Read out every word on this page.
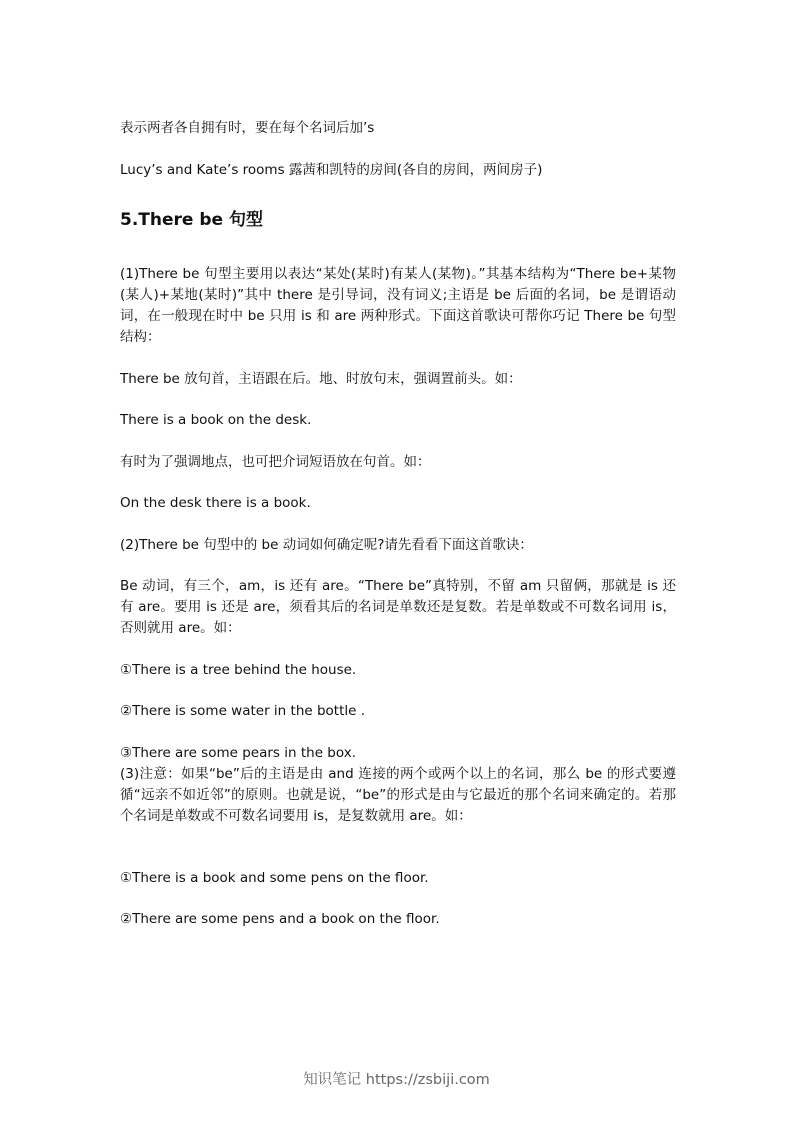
表示两者各自拥有时，要在每个名词后加’s

Lucy’s and Kate’s rooms 露茜和凯特的房间(各自的房间，两间房子)

5.There be 句型

(1)There be 句型主要用以表达“某处(某时)有某人(某物)。”其基本结构为“There be+某物(某人)+某地(某时)”其中 there 是引导词，没有词义;主语是 be 后面的名词，be 是谓语动词，在一般现在时中 be 只用 is 和 are 两种形式。下面这首歌诀可帮你巧记 There be 句型结构：

There be 放句首，主语跟在后。地、时放句末，强调置前头。如：

There is a book on the desk.

有时为了强调地点，也可把介词短语放在句首。如：

On the desk there is a book.

(2)There be 句型中的 be 动词如何确定呢?请先看看下面这首歌诀：

Be 动词，有三个，am，is 还有 are。“There be”真特别，不留 am 只留俩，那就是 is 还有 are。要用 is 还是 are，须看其后的名词是单数还是复数。若是单数或不可数名词用 is，否则就用 are。如：

①There is a tree behind the house.

②There is some water in the bottle .

③There are some pears in the box.

(3)注意：如果“be”后的主语是由 and 连接的两个或两个以上的名词，那么 be 的形式要遵循“远亲不如近邻”的原则。也就是说，“be”的形式是由与它最近的那个名词来确定的。若那个名词是单数或不可数名词要用 is，是复数就用 are。如：

①There is a book and some pens on the floor.

②There are some pens and a book on the floor.

知识笔记 https://zsbiji.com
